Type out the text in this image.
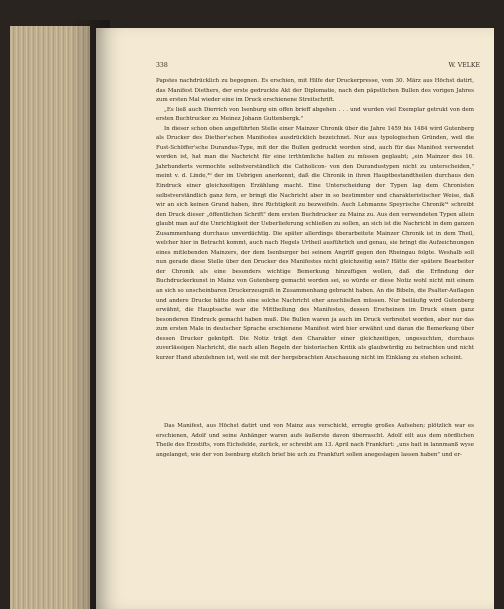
338	W. VELKE

Papstes nachdrücklich zu begegnen. Es erschien, mit Hilfe der Druckerpresse, vom 30. März aus Höchst datirt, das Manifest Diethers, der erste gedruckte Akt der Diplomatie, nach den päpstlichen Bullen des vorigen Jahres zum ersten Mal wieder eine im Druck erschienene Streitschrift.

„Es ließ auch Dierrich von Isenburg ein offen brieff abgehen . . . und wurden viel Exemplar getrukt von dem ersten Buchtrucker zu Meinez Johann Guttenbergk."

In dieser schon oben angeführten Stelle einer Mainzer Chronik über die Jahre 1459 bis 1484 wird Gutenberg als Drucker des Diether'schen Manifestes ausdrücklich bezeichnet. Nur aus typologischen Gründen, weil die Fust-Schöffer'sche Durandus-Type, mit der die Bullen gedruckt worden sind, auch für das Manifest verwendet worden ist, hat man die Nachricht für eine irrthümliche halten zu müssen geglaubt; „ein Mainzer des 16. Jahrhunderts vermochte selbstverständlich die Catholicon- von den Durandustypen nicht zu unterscheiden," meint v. d. Linde,³⁰ der im Uebrigen anerkennt, daß die Chronik in ihren Hauptbestandtheilen durchaus den Eindruck einer gleichzeitigen Erzählung macht. Eine Unterscheidung der Typen lag dem Chronisten selbstverständlich ganz fern, er bringt die Nachricht aber in so bestimmter und charakteristischer Weise, daß wir an sich keinen Grund haben, ihre Richtigkeit zu bezweifeln. Auch Lehmanns Speyrische Chronik³¹ schreibt den Druck dieser „öffentlichen Schrift" dem ersten Buchdrucker zu Mainz zu. Aus den verwendeten Typen allein glaubt man auf die Unrichtigkeit der Ueberlieferung schließen zu sollen, an sich ist die Nachricht in dem ganzen Zusammenhang durchaus unverdächtig. Die später allerdings überarbeitete Mainzer Chronik ist in dem Theil, welcher hier in Betracht kommt, auch nach Hegels Urtheil ausführlich und genau, sie bringt die Aufzeichnungen eines mitlebenden Mainzers, der dem Isenburger bei seinem Angriff gegen den Rheingau folgte. Weshalb soll nun gerade diese Stelle über den Drucker des Manifestes nicht gleichzeitig sein? Hätte der spätere Bearbeiter der Chronik als eine besonders wichtige Bemerkung hinzufügen wollen, daß die Erfindung der Buchdruckerkunst in Mainz von Gutenberg gemacht worden sei, so würde er diese Notiz wohl nicht mit einem an sich so unscheinbaren Druckerzeugniß in Zusammenhang gebracht haben. An die Bibeln, die Psalter-Auflagen und andere Drucke hätte doch eine solche Nachricht eher anschließen müssen. Nur beiläufig wird Gutenberg erwähnt, die Hauptsache war die Mittheilung des Manifestes, dessen Erscheinen im Druck einen ganz besonderen Eindruck gemacht haben muß. Die Bullen waren ja auch im Druck verbreitet worden, aber nur das zum ersten Male in deutscher Sprache erschienene Manifest wird hier erwähnt und daran die Bemerkung über dessen Drucker geknüpft. Die Notiz trägt den Charakter einer gleichzeitigen, ungesuchten, durchaus zuverlässigen Nachricht, die nach allen Regeln der historischen Kritik als glaubwürdig zu betrachten und nicht kurzer Hand abzulehnen ist, weil sie mit der hergebrachten Anschauung nicht im Einklang zu stehen scheint.

Das Manifest, aus Höchst datirt und von Mainz aus verschickt, erregte großes Aufsehen; plötzlich war es erschienen, Adolf und seine Anhänger waren aufs äußerste davon überrascht. Adolf eilt aus dem nördlichen Theile des Erzstifts, vom Eichsfelde, zurück, er schreibt am 13. April nach Frankfurt: „uns hait in lannmanß wyse angelanget, wie der von Isenburg etzlich brief bie uch zu Frankfurt sollen anegeslagen lassen haben" und er-
